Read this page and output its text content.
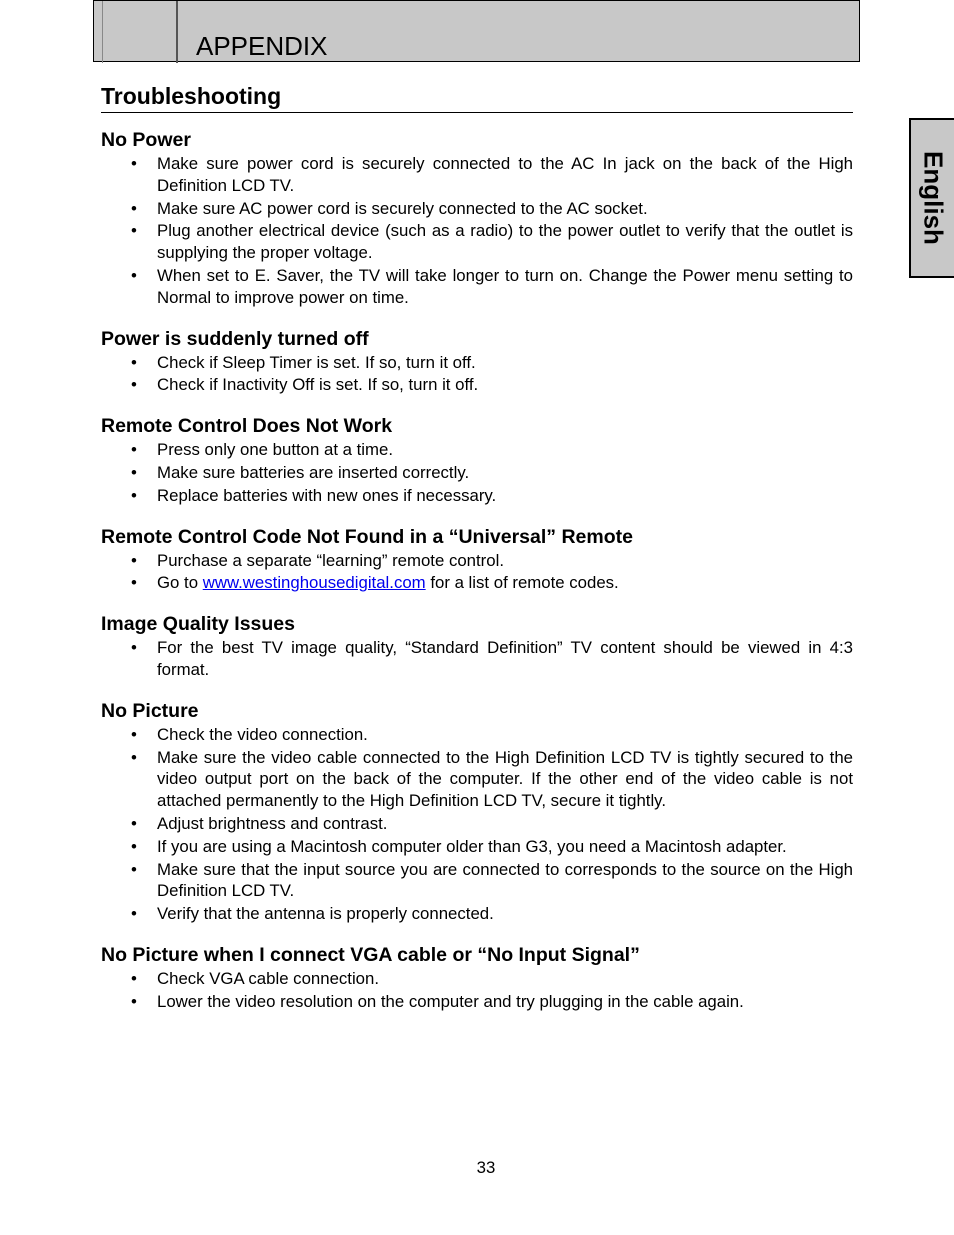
APPENDIX
English
Troubleshooting
No Power
• Make sure power cord is securely connected to the AC In jack on the back of the High Definition LCD TV.
• Make sure AC power cord is securely connected to the AC socket.
• Plug another electrical device (such as a radio) to the power outlet to verify that the outlet is supplying the proper voltage.
• When set to E. Saver, the TV will take longer to turn on. Change the Power menu setting to Normal to improve power on time.
Power is suddenly turned off
• Check if Sleep Timer is set. If so, turn it off.
• Check if Inactivity Off is set. If so, turn it off.
Remote Control Does Not Work
• Press only one button at a time.
• Make sure batteries are inserted correctly.
• Replace batteries with new ones if necessary.
Remote Control Code Not Found in a “Universal” Remote
• Purchase a separate “learning” remote control.
• Go to www.westinghousedigital.com for a list of remote codes.
Image Quality Issues
• For the best TV image quality, “Standard Definition” TV content should be viewed in 4:3 format.
No Picture
• Check the video connection.
• Make sure the video cable connected to the High Definition LCD TV is tightly secured to the video output port on the back of the computer. If the other end of the video cable is not attached permanently to the High Definition LCD TV, secure it tightly.
• Adjust brightness and contrast.
• If you are using a Macintosh computer older than G3, you need a Macintosh adapter.
• Make sure that the input source you are connected to corresponds to the source on the High Definition LCD TV.
• Verify that the antenna is properly connected.
No Picture when I connect VGA cable or “No Input Signal”
• Check VGA cable connection.
• Lower the video resolution on the computer and try plugging in the cable again.
33
